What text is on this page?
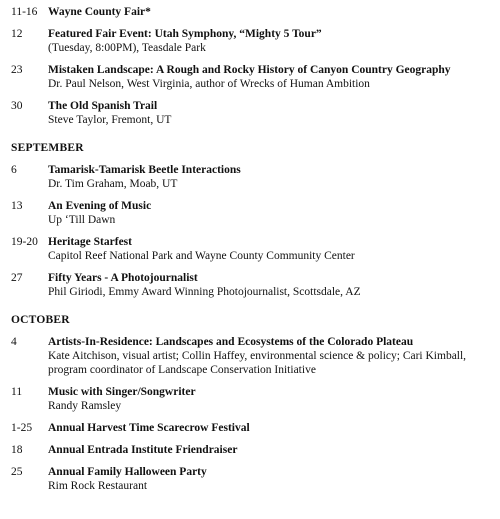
11-16 Wayne County Fair*
12	Featured Fair Event: Utah Symphony, “Mighty 5 Tour”
(Tuesday, 8:00PM), Teasdale Park
23	Mistaken Landscape: A Rough and Rocky History of Canyon Country Geography
Dr. Paul Nelson, West Virginia, author of Wrecks of Human Ambition
30	The Old Spanish Trail
Steve Taylor, Fremont, UT
SEPTEMBER
6	Tamarisk-Tamarisk Beetle Interactions
Dr. Tim Graham, Moab, UT
13	An Evening of Music
Up ‘Till Dawn
19-20 Heritage Starfest
Capitol Reef National Park and Wayne County Community Center
27	Fifty Years - A Photojournalist
Phil Giriodi, Emmy Award Winning Photojournalist, Scottsdale, AZ
OCTOBER
4	Artists-In-Residence: Landscapes and Ecosystems of the Colorado Plateau
Kate Aitchison, visual artist; Collin Haffey, environmental science & policy; Cari Kimball, program coordinator of Landscape Conservation Initiative
11	Music with Singer/Songwriter
Randy Ramsley
1-25	Annual Harvest Time Scarecrow Festival
18	Annual Entrada Institute Friendraiser
25	Annual Family Halloween Party
Rim Rock Restaurant
